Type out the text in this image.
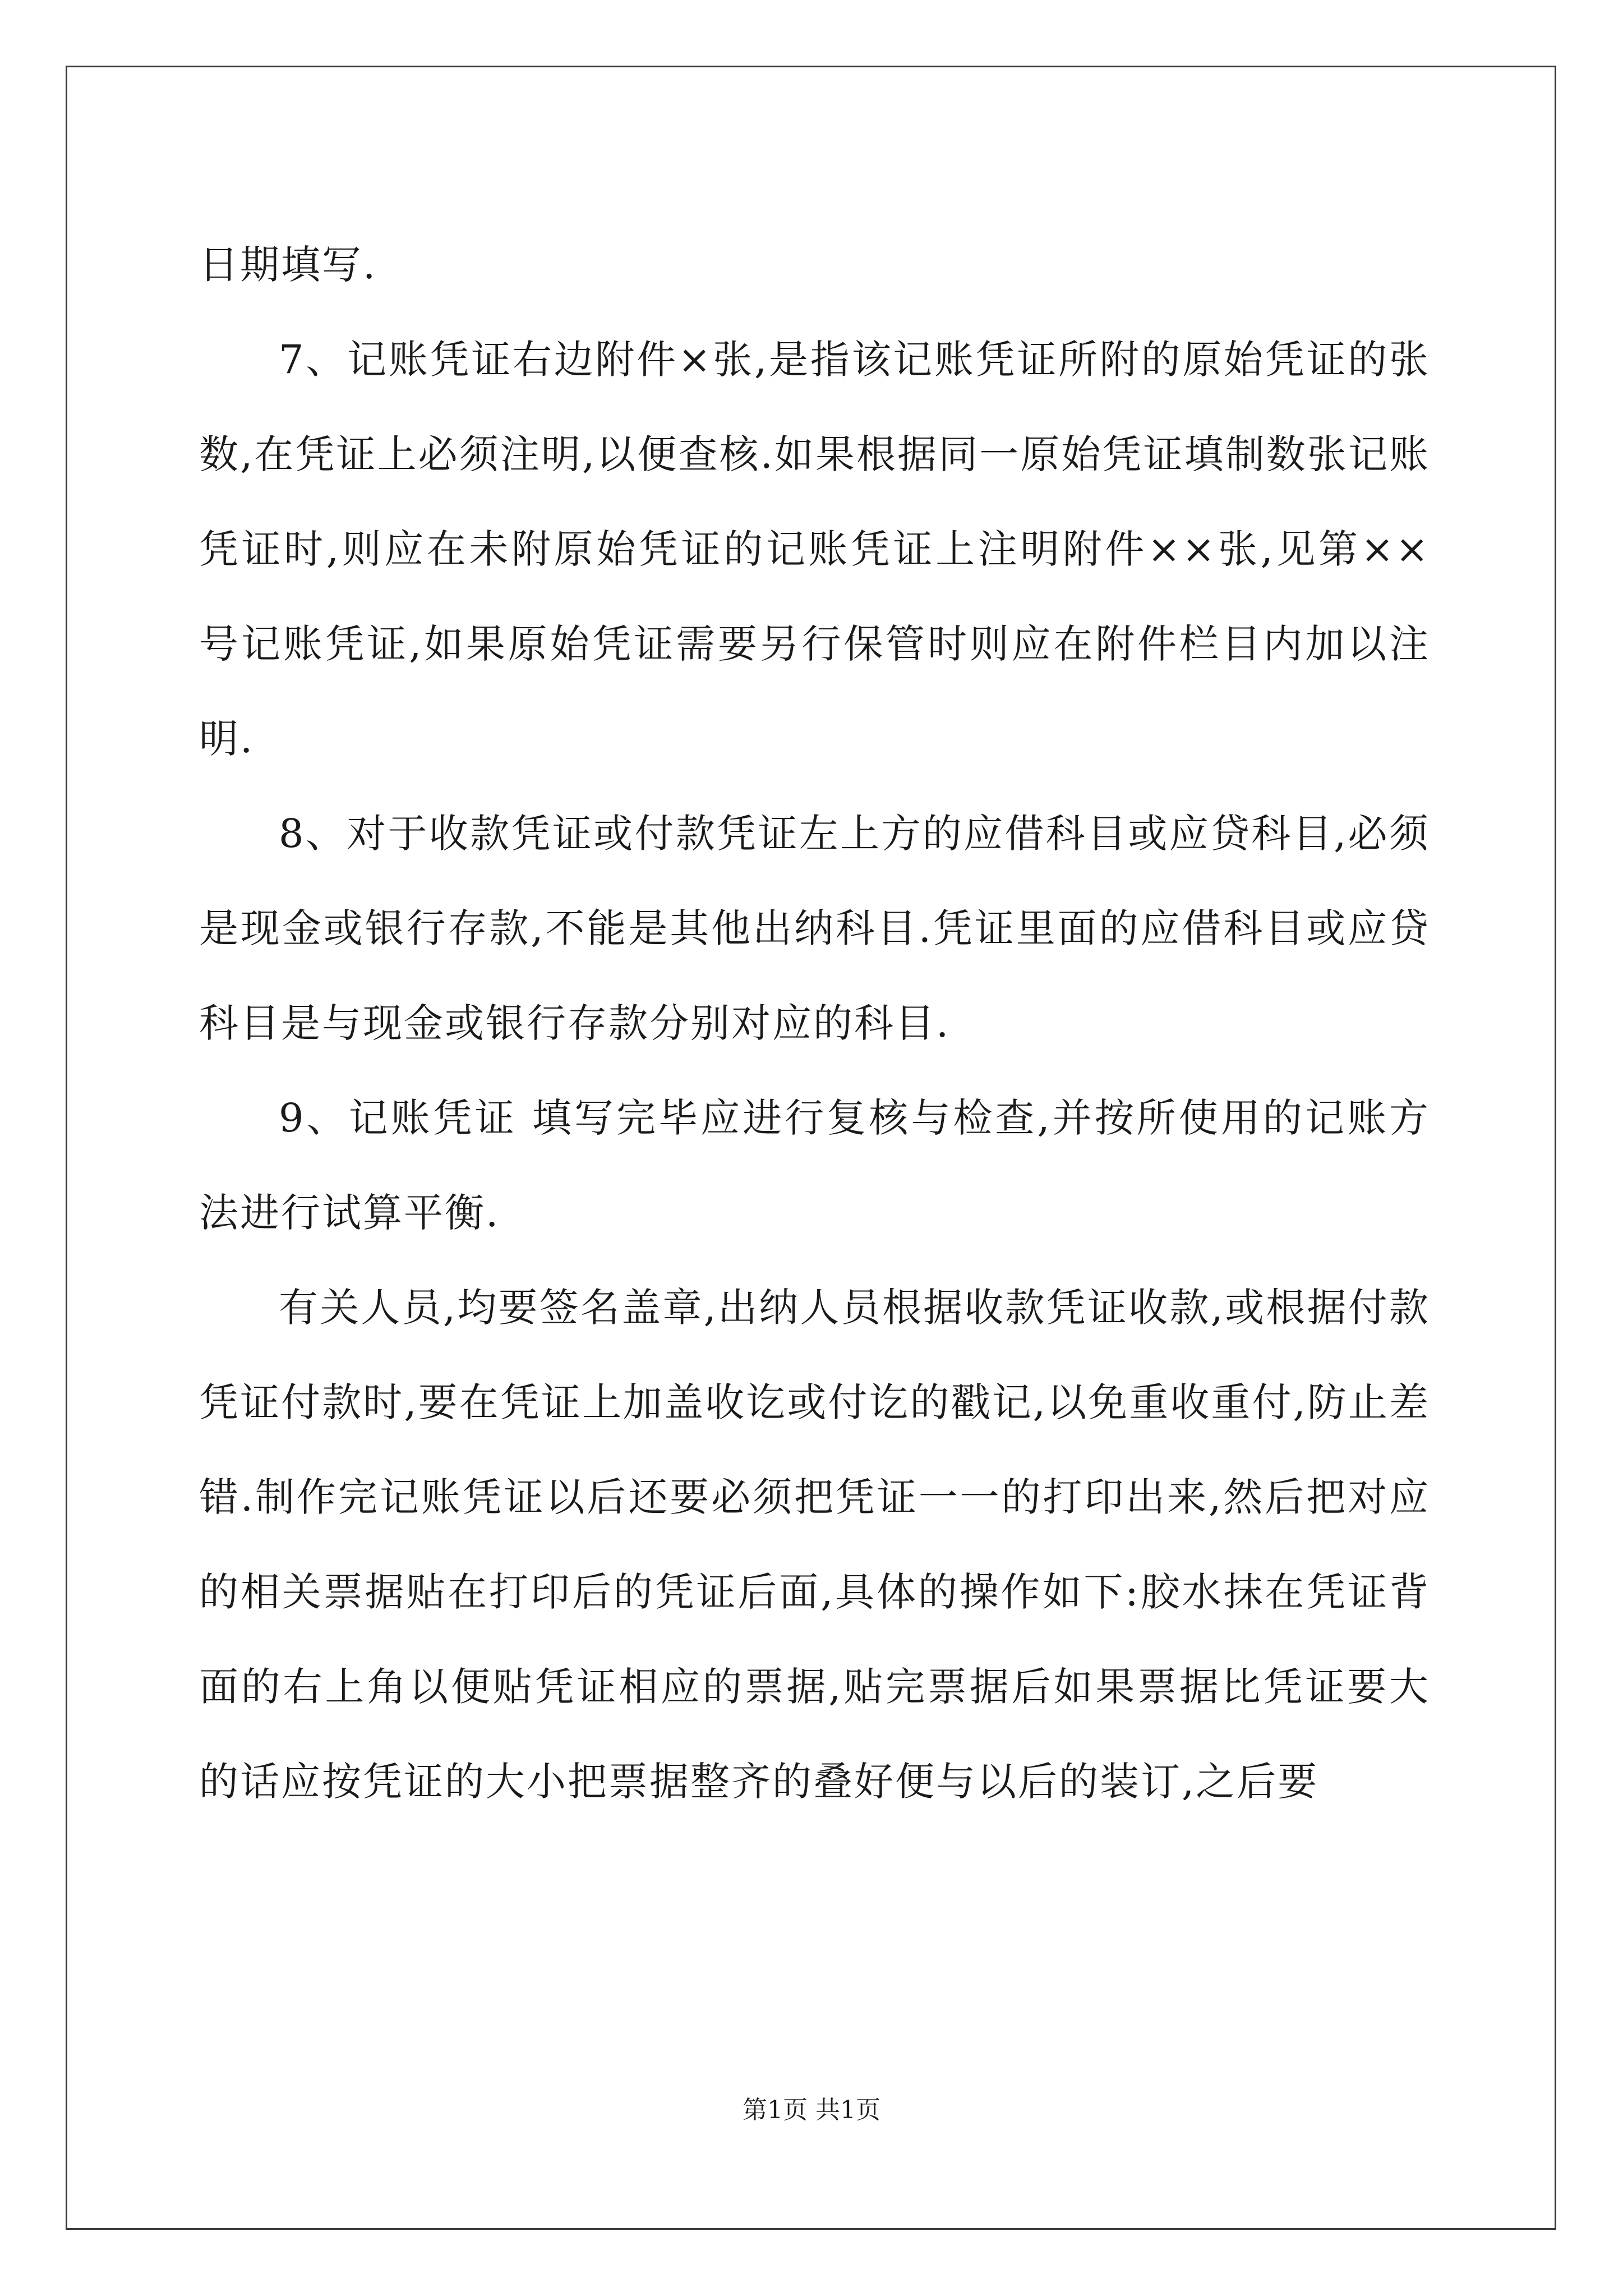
日期填写.

7、记账凭证右边附件×张,是指该记账凭证所附的原始凭证的张数,在凭证上必须注明,以便查核.如果根据同一原始凭证填制数张记账凭证时,则应在未附原始凭证的记账凭证上注明附件××张,见第××号记账凭证,如果原始凭证需要另行保管时则应在附件栏目内加以注明.

8、对于收款凭证或付款凭证左上方的应借科目或应贷科目,必须是现金或银行存款,不能是其他出纳科目.凭证里面的应借科目或应贷科目是与现金或银行存款分别对应的科目.

9、记账凭证 填写完毕应进行复核与检查,并按所使用的记账方法进行试算平衡.

有关人员,均要签名盖章,出纳人员根据收款凭证收款,或根据付款凭证付款时,要在凭证上加盖收讫或付讫的戳记,以免重收重付,防止差错.制作完记账凭证以后还要必须把凭证一一的打印出来,然后把对应的相关票据贴在打印后的凭证后面,具体的操作如下:胶水抹在凭证背面的右上角以便贴凭证相应的票据,贴完票据后如果票据比凭证要大的话应按凭证的大小把票据整齐的叠好便与以后的装订,之后要

第1页 共1页
